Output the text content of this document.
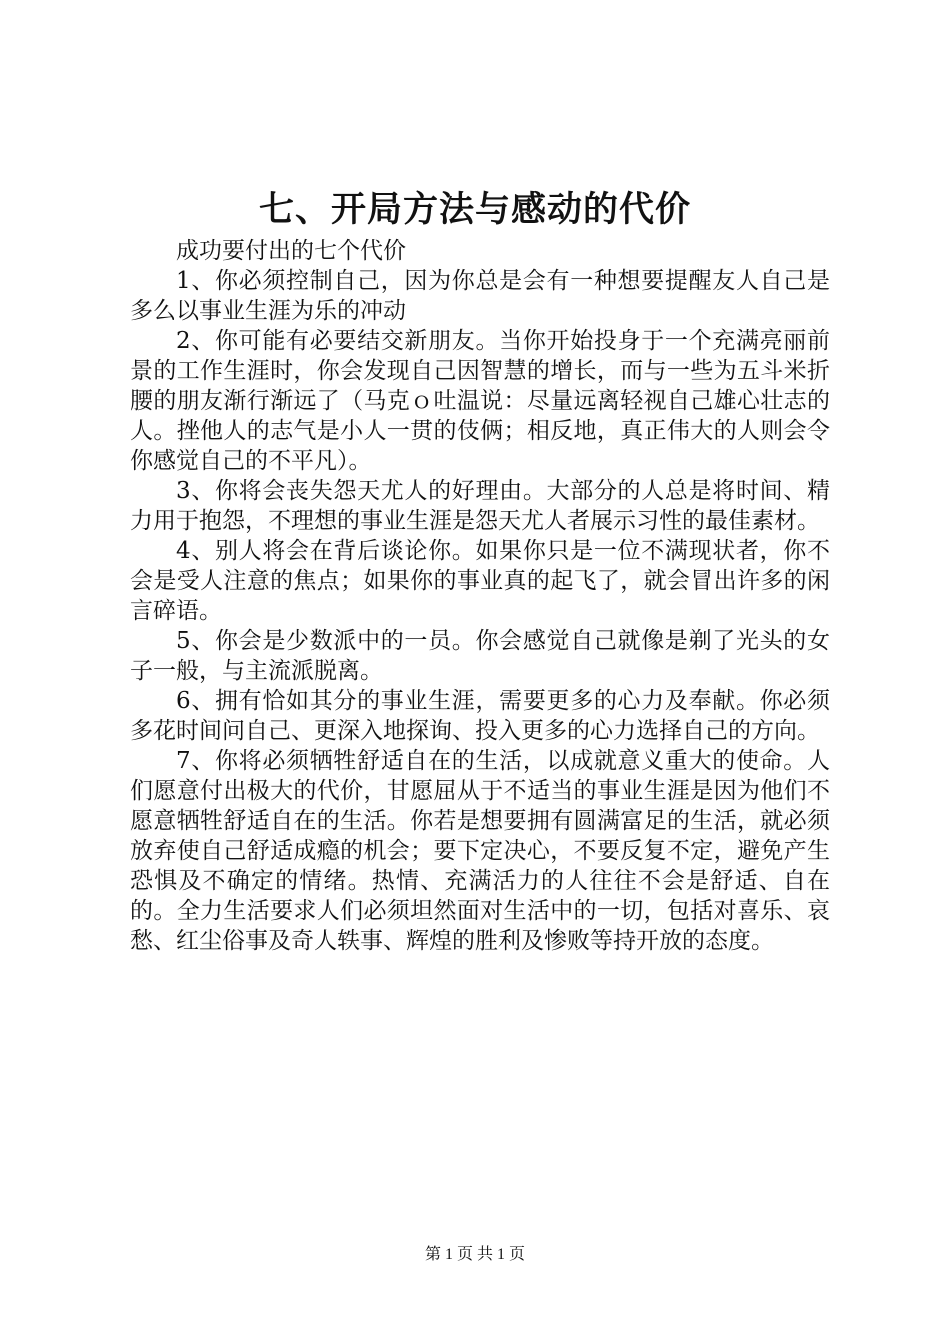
七、开局方法与感动的代价

成功要付出的七个代价

1、你必须控制自己，因为你总是会有一种想要提醒友人自己是多么以事业生涯为乐的冲动

2、你可能有必要结交新朋友。当你开始投身于一个充满亮丽前景的工作生涯时，你会发现自己因智慧的增长，而与一些为五斗米折腰的朋友渐行渐远了（马克ｏ吐温说：尽量远离轻视自己雄心壮志的人。挫他人的志气是小人一贯的伎俩；相反地，真正伟大的人则会令你感觉自己的不平凡）。

3、你将会丧失怨天尤人的好理由。大部分的人总是将时间、精力用于抱怨，不理想的事业生涯是怨天尤人者展示习性的最佳素材。

4、别人将会在背后谈论你。如果你只是一位不满现状者，你不会是受人注意的焦点；如果你的事业真的起飞了，就会冒出许多的闲言碎语。

5、你会是少数派中的一员。你会感觉自己就像是剃了光头的女子一般，与主流派脱离。

6、拥有恰如其分的事业生涯，需要更多的心力及奉献。你必须多花时间问自己、更深入地探询、投入更多的心力选择自己的方向。

7、你将必须牺牲舒适自在的生活，以成就意义重大的使命。人们愿意付出极大的代价，甘愿屈从于不适当的事业生涯是因为他们不愿意牺牲舒适自在的生活。你若是想要拥有圆满富足的生活，就必须放弃使自己舒适成瘾的机会；要下定决心，不要反复不定，避免产生恐惧及不确定的情绪。热情、充满活力的人往往不会是舒适、自在的。全力生活要求人们必须坦然面对生活中的一切，包括对喜乐、哀愁、红尘俗事及奇人轶事、辉煌的胜利及惨败等持开放的态度。

第 1 页 共 1 页
